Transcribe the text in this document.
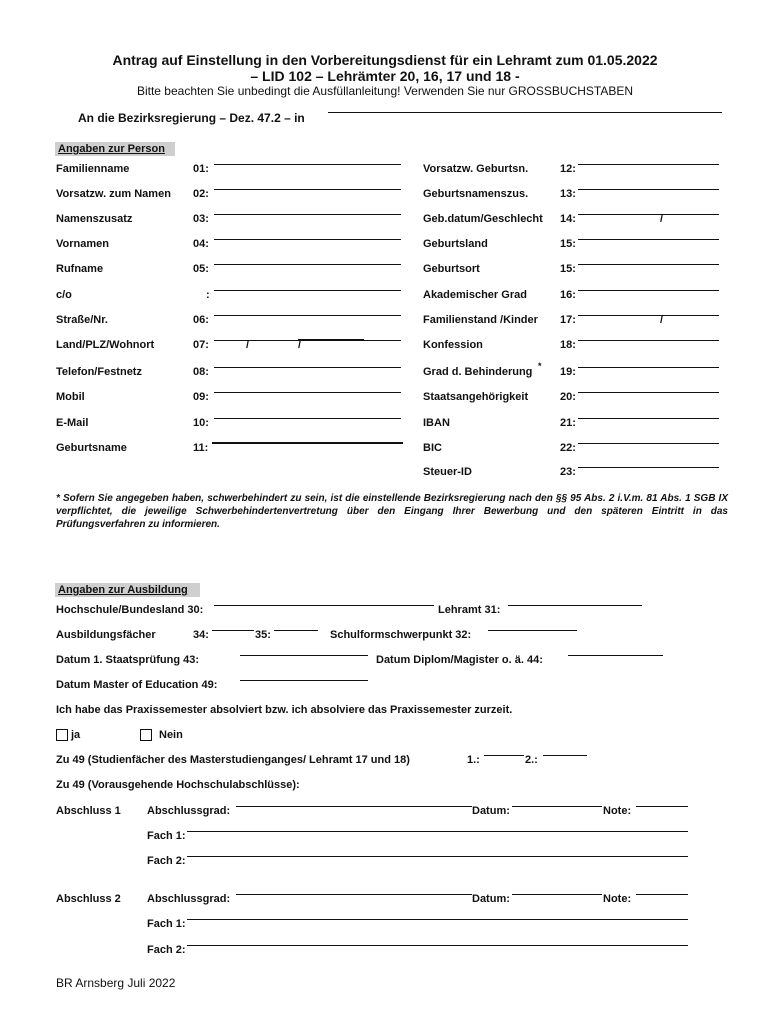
Antrag auf Einstellung in den Vorbereitungsdienst für ein Lehramt zum 01.05.2022
– LID 102 – Lehrämter 20, 16, 17 und 18 -
Bitte beachten Sie unbedingt die Ausfüllanleitung! Verwenden Sie nur GROSSBUCHSTABEN
An die Bezirksregierung – Dez. 47.2 – in
Angaben zur Person
Familienname	01:
Vorsatzw. zum Namen 02:
Namenszusatz	03:
Vornamen	04:
Rufname	05:
c/o	:
Straße/Nr.	06:
Land/PLZ/Wohnort	07:	/	/
Telefon/Festnetz	08:
Mobil	09:
E-Mail	10:
Geburtsname	11:
Vorsatzw. Geburtsn.	12:
Geburtsnamenszus.	13:
Geb.datum/Geschlecht 14:	/
Geburtsland	15:
Geburtsort	15:
Akademischer Grad	16:
Familienstand /Kinder 17:	/
Konfession	18:
Grad d. Behinderung * 19:
Staatsangehörigkeit	20:
IBAN	21:
BIC	22:
Steuer-ID	23:
* Sofern Sie angegeben haben, schwerbehindert zu sein, ist die einstellende Bezirksregierung nach den §§ 95 Abs. 2 i.V.m. 81 Abs. 1 SGB IX verpflichtet, die jeweilige Schwerbehindertenvertretung über den Eingang Ihrer Bewerbung und den späteren Eintritt in das Prüfungsverfahren zu informieren.
Angaben zur Ausbildung
Hochschule/Bundesland 30:	Lehramt 31:
Ausbildungsfächer	34:	35:	Schulformschwerpunkt 32:
Datum 1. Staatsprüfung 43:	Datum Diplom/Magister o. ä. 44:
Datum Master of Education 49:
Ich habe das Praxissemester absolviert bzw. ich absolviere das Praxissemester zurzeit.
ja	Nein
Zu 49 (Studienfächer des Masterstudienganges/ Lehramt 17 und 18)	1.:	2.:
Zu 49 (Vorausgehende Hochschulabschlüsse):
Abschluss 1 Abschlussgrad:	Datum:	Note:
Fach 1:
Fach 2:
Abschluss 2 Abschlussgrad:	Datum:	Note:
Fach 1:
Fach 2:
BR Arnsberg Juli 2022
